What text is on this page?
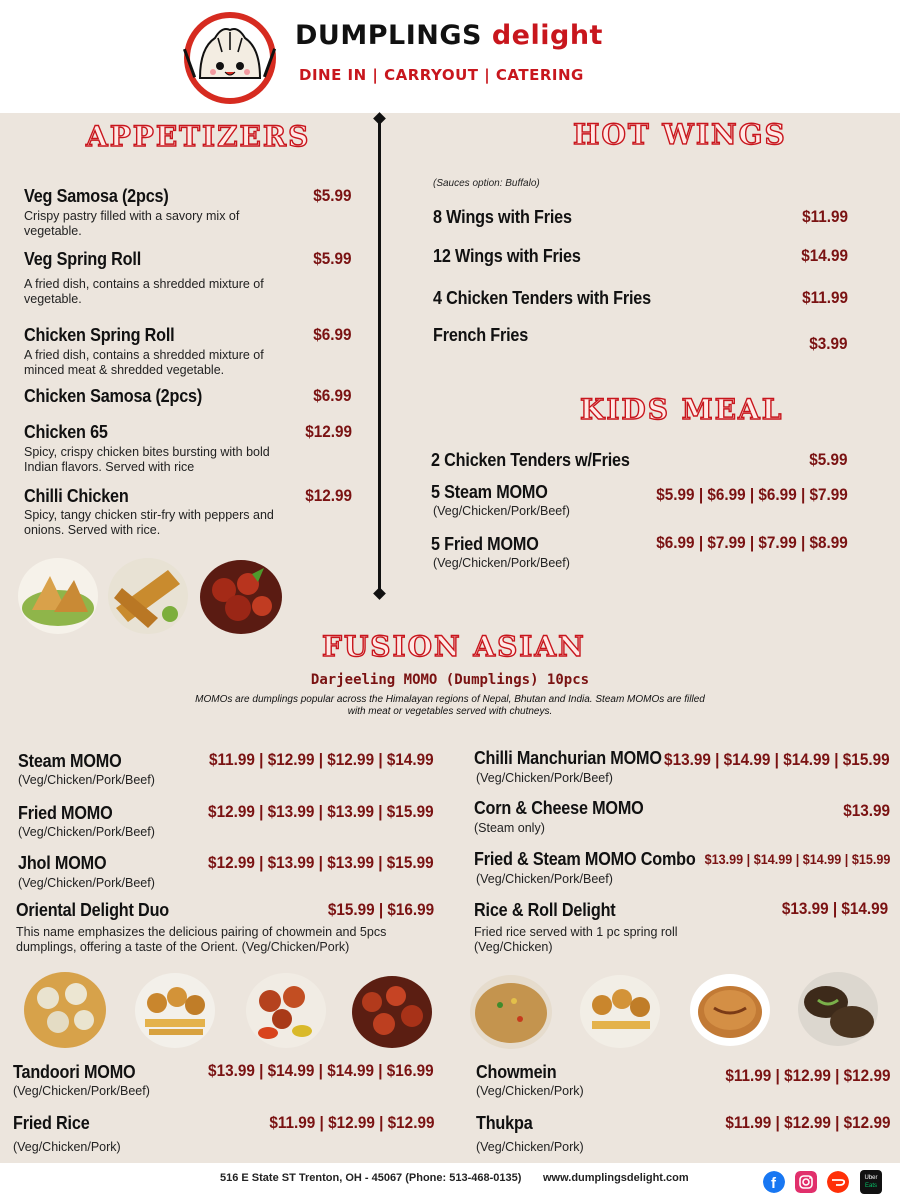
DUMPLINGS delight
DINE IN | CARRYOUT | CATERING
APPETIZERS
Veg Samosa (2pcs)	$5.99
Crispy pastry filled with a savory mix of vegetable.
Veg Spring Roll	$5.99
A fried dish, contains a shredded mixture of vegetable.
Chicken Spring Roll	$6.99
A fried dish, contains a shredded mixture of minced meat & shredded vegetable.
Chicken Samosa (2pcs)	$6.99
Chicken 65	$12.99
Spicy, crispy chicken bites bursting with bold Indian flavors. Served with rice
Chilli Chicken	$12.99
Spicy, tangy chicken stir-fry with peppers and onions. Served with rice.
HOT WINGS
(Sauces option: Buffalo)
8 Wings with Fries	$11.99
12 Wings with Fries	$14.99
4 Chicken Tenders with Fries	$11.99
French Fries	$3.99
KIDS MEAL
2 Chicken Tenders w/Fries	$5.99
5 Steam MOMO	$5.99 | $6.99 | $6.99 | $7.99
(Veg/Chicken/Pork/Beef)
5 Fried MOMO	$6.99 | $7.99 | $7.99 | $8.99
(Veg/Chicken/Pork/Beef)
FUSION ASIAN
Darjeeling MOMO (Dumplings) 10pcs
MOMOs are dumplings popular across the Himalayan regions of Nepal, Bhutan and India. Steam MOMOs are filled with meat or vegetables served with chutneys.
Steam MOMO	$11.99 | $12.99 | $12.99 | $14.99
(Veg/Chicken/Pork/Beef)
Fried MOMO	$12.99 | $13.99 | $13.99 | $15.99
(Veg/Chicken/Pork/Beef)
Jhol MOMO	$12.99 | $13.99 | $13.99 | $15.99
(Veg/Chicken/Pork/Beef)
Oriental Delight Duo	$15.99 | $16.99
This name emphasizes the delicious pairing of chowmein and 5pcs dumplings, offering a taste of the Orient. (Veg/Chicken/Pork)
Chilli Manchurian MOMO $13.99 | $14.99 | $14.99 | $15.99
(Veg/Chicken/Pork/Beef)
Corn & Cheese MOMO	$13.99
(Steam only)
Fried & Steam MOMO Combo $13.99 | $14.99 | $14.99 | $15.99
(Veg/Chicken/Pork/Beef)
Rice & Roll Delight	$13.99 | $14.99
Fried rice served with 1 pc spring roll (Veg/Chicken)
Tandoori MOMO	$13.99 | $14.99 | $14.99 | $16.99
(Veg/Chicken/Pork/Beef)
Fried Rice	$11.99 | $12.99 | $12.99
(Veg/Chicken/Pork)
Chowmein	$11.99 | $12.99 | $12.99
(Veg/Chicken/Pork)
Thukpa	$11.99 | $12.99 | $12.99
(Veg/Chicken/Pork)
516 E State ST Trenton, OH - 45067 (Phone: 513-468-0135) www.dumplingsdelight.com	f	Uber
Eats
